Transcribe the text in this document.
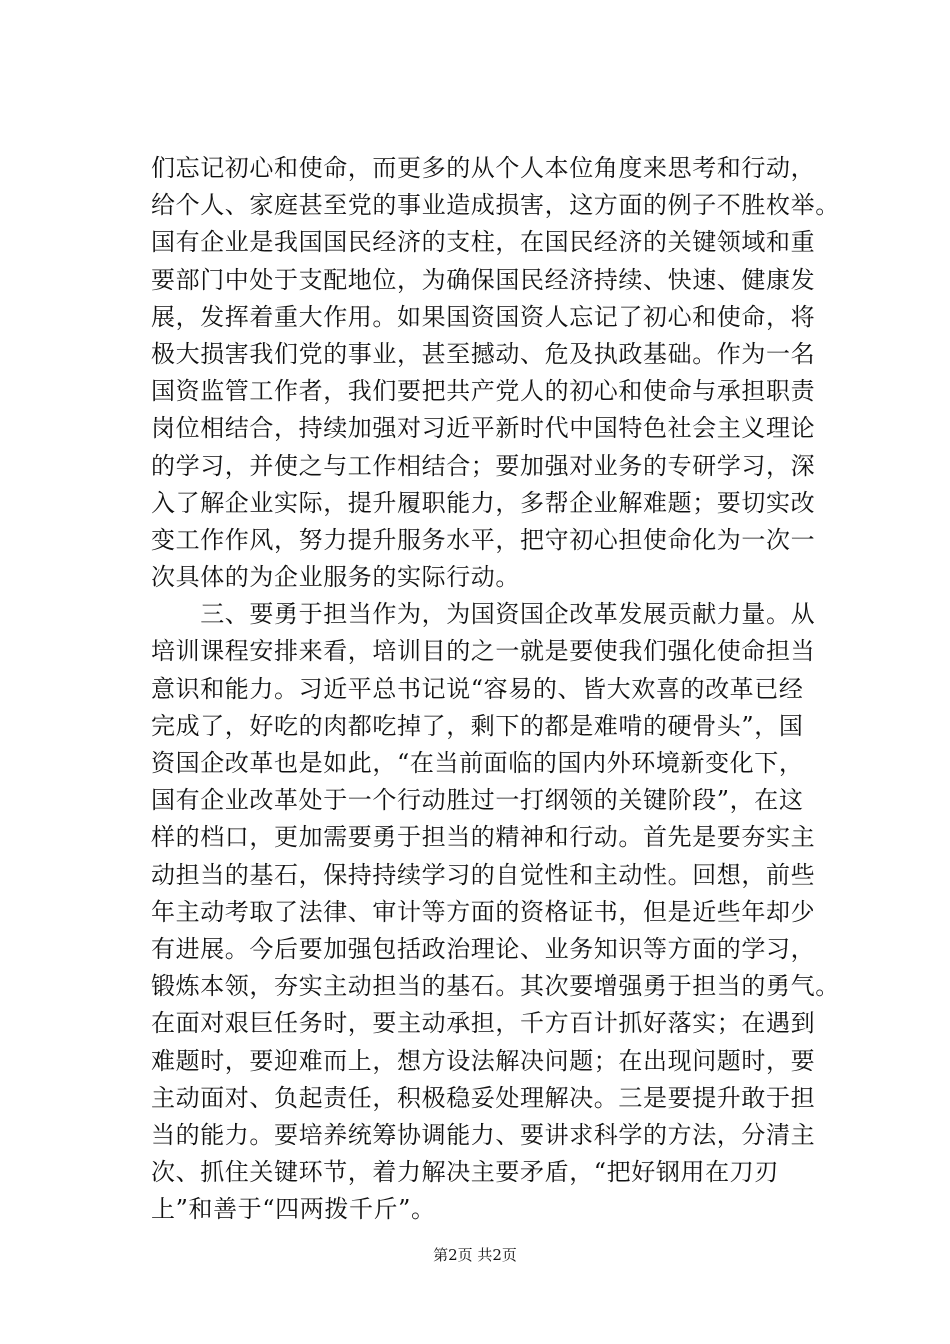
们忘记初心和使命，而更多的从个人本位角度来思考和行动，
给个人、家庭甚至党的事业造成损害，这方面的例子不胜枚举。
国有企业是我国国民经济的支柱，在国民经济的关键领域和重
要部门中处于支配地位，为确保国民经济持续、快速、健康发
展，发挥着重大作用。如果国资国资人忘记了初心和使命，将
极大损害我们党的事业，甚至撼动、危及执政基础。作为一名
国资监管工作者，我们要把共产党人的初心和使命与承担职责
岗位相结合，持续加强对习近平新时代中国特色社会主义理论
的学习，并使之与工作相结合；要加强对业务的专研学习，深
入了解企业实际，提升履职能力，多帮企业解难题；要切实改
变工作作风，努力提升服务水平，把守初心担使命化为一次一
次具体的为企业服务的实际行动。
　　三、要勇于担当作为，为国资国企改革发展贡献力量。从
培训课程安排来看，培训目的之一就是要使我们强化使命担当
意识和能力。习近平总书记说“容易的、皆大欢喜的改革已经
完成了，好吃的肉都吃掉了，剩下的都是难啃的硬骨头”，国
资国企改革也是如此，“在当前面临的国内外环境新变化下，
国有企业改革处于一个行动胜过一打纲领的关键阶段”，在这
样的档口，更加需要勇于担当的精神和行动。首先是要夯实主
动担当的基石，保持持续学习的自觉性和主动性。回想，前些
年主动考取了法律、审计等方面的资格证书，但是近些年却少
有进展。今后要加强包括政治理论、业务知识等方面的学习，
锻炼本领，夯实主动担当的基石。其次要增强勇于担当的勇气。
在面对艰巨任务时，要主动承担，千方百计抓好落实；在遇到
难题时，要迎难而上，想方设法解决问题；在出现问题时，要
主动面对、负起责任，积极稳妥处理解决。三是要提升敢于担
当的能力。要培养统筹协调能力、要讲求科学的方法，分清主
次、抓住关键环节，着力解决主要矛盾，“把好钢用在刀刃
上”和善于“四两拨千斤”。
第2页 共2页
